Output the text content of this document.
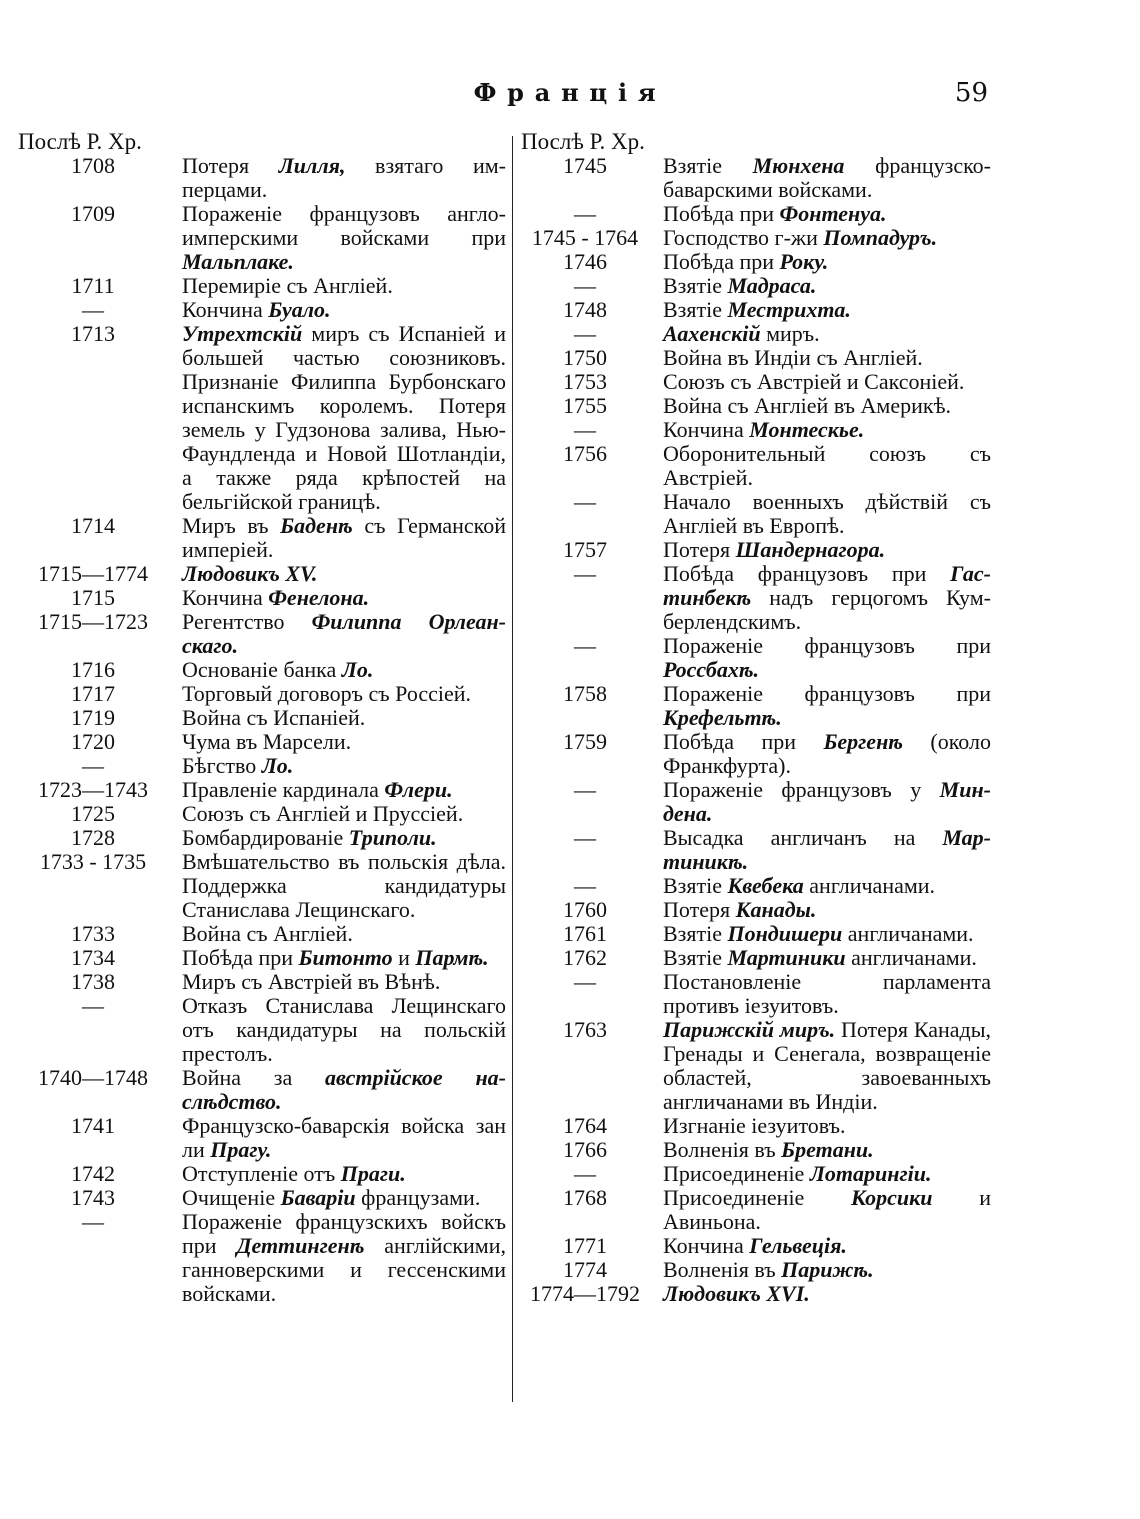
Франція	59
Послѣ Р. Хр.
1708	Потеря Лилля, взятаго имперцами.
1709	Пораженіе французовъ англо-имперскими войсками при Мальплаке.
1711	Перемиріе съ Англіей.
—	Кончина Буало.
1713	Утрехтскій миръ съ Испаніей и большей частью союзниковъ. Признаніе Филиппа Бурбонскаго испанскимъ королемъ. Потеря земель у Гудзонова залива, Нью-Фаундленда и Новой Шотландіи, а также ряда крѣпостей на бельгійской границѣ.
1714	Миръ въ Баденѣ съ Германской имперіей.
1715—1774	Людовикъ XV.
1715	Кончина Фенелона.
1715—1723	Регентство Филиппа Орлеанскаго.
1716	Основаніе банка Ло.
1717	Торговый договоръ съ Россіей.
1719	Война съ Испаніей.
1720	Чума въ Марсели.
—	Бѣгство Ло.
1723—1743	Правленіе кардинала Флери.
1725	Союзъ съ Англіей и Пруссіей.
1728	Бомбардированіе Триполи.
1733 - 1735	Вмѣшательство въ польскія дѣла. Поддержка кандидатуры Станислава Лещинскаго.
1733	Война съ Англіей.
1734	Побѣда при Битонто и Пармѣ.
1738	Миръ съ Австріей въ Вѣнѣ.
—	Отказъ Станислава Лещинскаго отъ кандидатуры на польскій престолъ.
1740—1748	Война за австрійское наслѣдство.
1741	Французско-баварскія войска зан ли Прагу.
1742	Отступленіе отъ Праги.
1743	Очищеніе Баваріи французами.
—	Пораженіе французскихъ войскъ при Деттингенѣ англійскими, ганноверскими и гессенскими войсками.
Послѣ Р. Хр.
1745	Взятіе Мюнхена французско-баварскими войсками.
—	Побѣда при Фонтенуа.
1745 - 1764	Господство г-жи Помпадуръ.
1746	Побѣда при Року.
—	Взятіе Мадраса.
1748	Взятіе Местрихта.
—	Аахенскій миръ.
1750	Война въ Индіи съ Англіей.
1753	Союзъ съ Австріей и Саксоніей.
1755	Война съ Англіей въ Америкѣ.
—	Кончина Монтескье.
1756	Оборонительный союзъ съ Австріей.
—	Начало военныхъ дѣйствій съ Англіей въ Европѣ.
1757	Потеря Шандернагора.
—	Побѣда французовъ при Гастинбекѣ надъ герцогомъ Кумберлендскимъ.
—	Пораженіе французовъ при Россбахѣ.
1758	Пораженіе французовъ при Крефельтѣ.
1759	Побѣда при Бергенѣ (около Франкфурта).
—	Пораженіе французовъ у Миндена.
—	Высадка англичанъ на Мартиникѣ.
—	Взятіе Квебека англичанами.
1760	Потеря Канады.
1761	Взятіе Пондишери англичанами.
1762	Взятіе Мартиники англичанами.
—	Постановленіе парламента противъ іезуитовъ.
1763	Парижскій миръ. Потеря Канады, Гренады и Сенегала, возвращеніе областей, завоеванныхъ англичанами въ Индіи.
1764	Изгнаніе іезуитовъ.
1766	Волненія въ Бретани.
—	Присоединеніе Лотарингіи.
1768	Присоединеніе Корсики и Авиньона.
1771	Кончина Гельвеція.
1774	Волненія въ Парижѣ.
1774—1792	Людовикъ XVI.
